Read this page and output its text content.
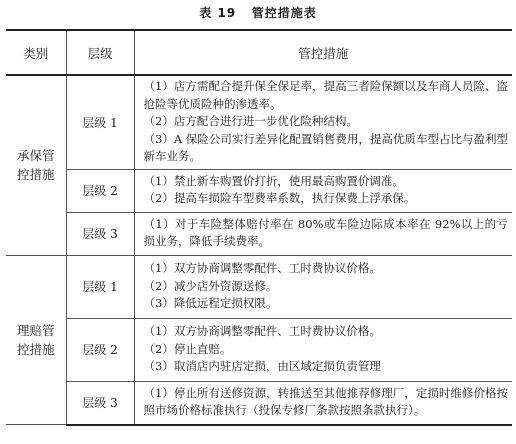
表 19   管控措施表
类别	层级	管控措施
承保管控措施	层级 1	（1）店方需配合提升保全保足率，提高三者险保额以及车商人员险、盗抢险等优质险种的渗透率。
（2）店方配合进行进一步优化险种结构。
（3）A 保险公司实行差异化配置销售费用，提高优质车型占比与盈利型新车业务。

	层级 2	（1）禁止新车购置价打折，使用最高购置价调准。
（2）提高车损险车型费率系数，执行保费上浮承保。

	层级 3	（1）对于车险整体赔付率在 80%或车险边际成本率在 92%以上的亏损业务，降低手续费率。

理赔管控措施	层级 1	（1）双方协商调整零配件、工时费协议价格。
（2）减少店外资源送修。
（3）降低远程定损权限。

	层级 2	（1）双方协商调整零配件、工时费协议价格。
（2）停止直赔。
（3）取消店内驻店定损，由区域定损负责管理

	层级 3	（1）停止所有送修资源，转推送至其他推荐修理厂，定损时维修价格按照市场价格标准执行（投保专修厂条款按照条款执行）。
